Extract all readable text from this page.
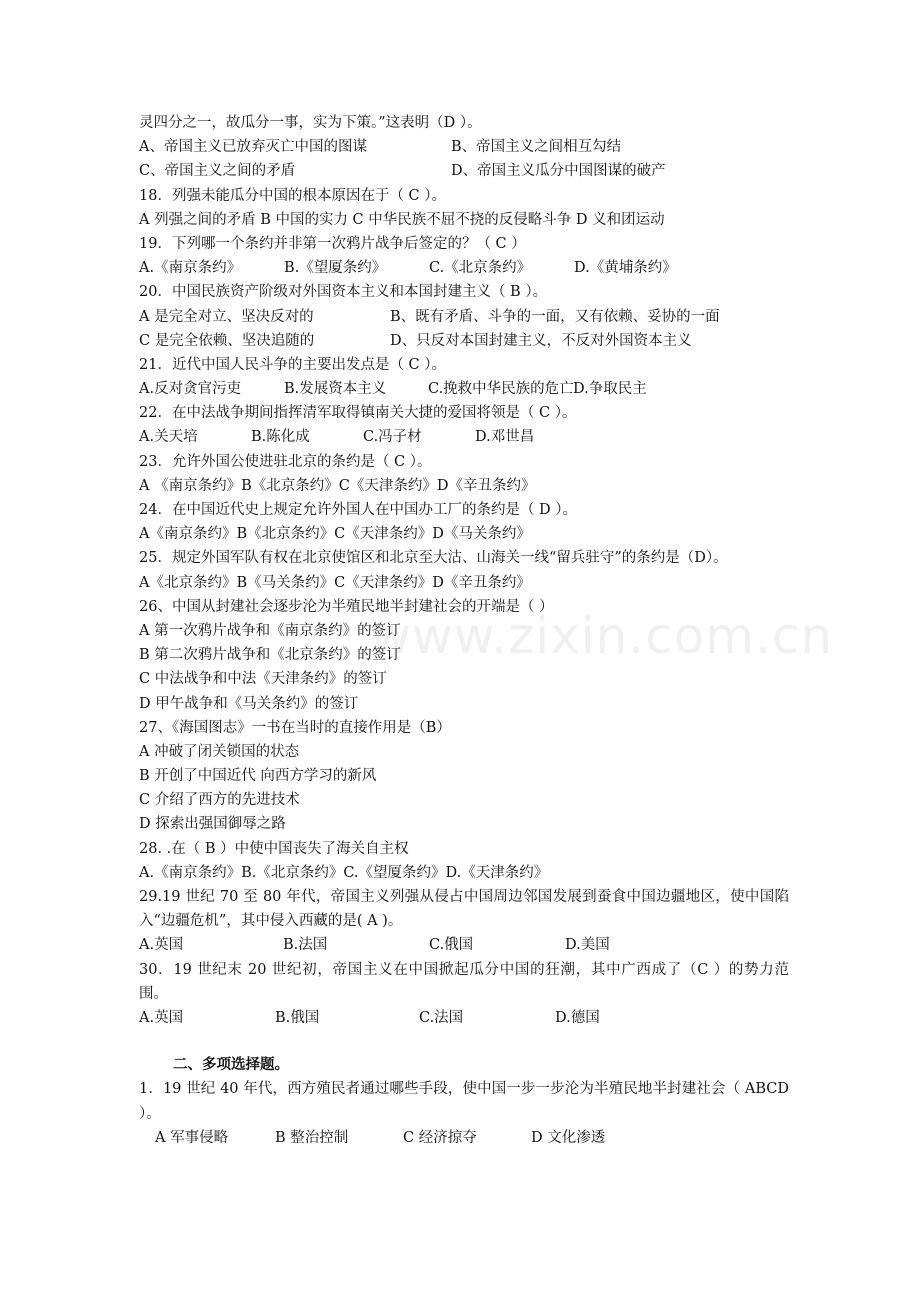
www.zixin.com.cn
灵四分之一，故瓜分一事，实为下策。”这表明（D ）。
A、帝国主义已放弃灭亡中国的图谋	B、帝国主义之间相互勾结
C、帝国主义之间的矛盾	D、帝国主义瓜分中国图谋的破产
18．列强未能瓜分中国的根本原因在于（ C ）。
A 列强之间的矛盾 B 中国的实力 C 中华民族不屈不挠的反侵略斗争 D 义和团运动
19．下列哪一个条约并非第一次鸦片战争后签定的？（ C ）
A.《南京条约》	B.《望厦条约》	C.《北京条约》	D.《黄埔条约》
20．中国民族资产阶级对外国资本主义和本国封建主义（ B ）。
A 是完全对立、坚决反对的	B、既有矛盾、斗争的一面，又有依赖、妥协的一面
C 是完全依赖、坚决追随的	D、只反对本国封建主义，不反对外国资本主义
21．近代中国人民斗争的主要出发点是（ C ）。
A.反对贪官污吏	B.发展资本主义	C.挽救中华民族的危亡 D.争取民主
22．在中法战争期间指挥清军取得镇南关大捷的爱国将领是（ C ）。
A.关天培	B.陈化成	C.冯子材	D.邓世昌
23．允许外国公使进驻北京的条约是（ C ）。
A 《南京条约》B《北京条约》C《天津条约》D《辛丑条约》
24．在中国近代史上规定允许外国人在中国办工厂的条约是（ D ）。
A《南京条约》B《北京条约》C《天津条约》D《马关条约》
25．规定外国军队有权在北京使馆区和北京至大沽、山海关一线“留兵驻守”的条约是（D）。
A《北京条约》B《马关条约》C《天津条约》D《辛丑条约》
26、中国从封建社会逐步沦为半殖民地半封建社会的开端是（ ）
A 第一次鸦片战争和《南京条约》的签订
B 第二次鸦片战争和《北京条约》的签订
C 中法战争和中法《天津条约》的签订
D 甲午战争和《马关条约》的签订
27、《海国图志》一书在当时的直接作用是（B）
A 冲破了闭关锁国的状态
B 开创了中国近代 向西方学习的新风
C 介绍了西方的先进技术
D 探索出强国御辱之路
28. .在（ B ）中使中国丧失了海关自主权
A.《南京条约》B.《北京条约》C.《望厦条约》D.《天津条约》
29.19 世纪 70 至 80 年代，帝国主义列强从侵占中国周边邻国发展到蚕食中国边疆地区，使中国陷入“边疆危机”，其中侵入西藏的是( A )。
A.英国	B.法国	C.俄国	D.美国
30．19 世纪末 20 世纪初，帝国主义在中国掀起瓜分中国的狂潮，其中广西成了（C ）的势力范围。
A.英国	B.俄国	C.法国	D.德国
二、多项选择题。
1．19 世纪 40 年代，西方殖民者通过哪些手段，使中国一步一步沦为半殖民地半封建社会（ ABCD ）。
A 军事侵略	B 整治控制	C 经济掠夺	D 文化渗透
